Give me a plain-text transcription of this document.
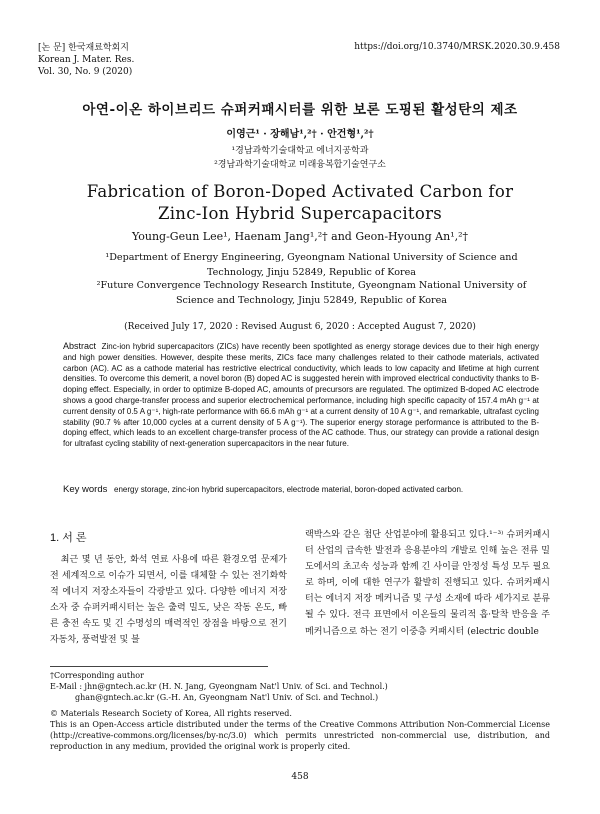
[논 문] 한국재료학회지
Korean J. Mater. Res.
Vol. 30, No. 9 (2020)
https://doi.org/10.3740/MRSK.2020.30.9.458
아연-이온 하이브리드 슈퍼커패시터를 위한 보론 도핑된 활성탄의 제조
이영근¹ · 장해남¹,²† · 안건형¹,²†
¹경남과학기술대학교 에너지공학과
²경남과학기술대학교 미래융복합기술연구소
Fabrication of Boron-Doped Activated Carbon for
Zinc-Ion Hybrid Supercapacitors
Young-Geun Lee¹, Haenam Jang¹,²† and Geon-Hyoung An¹,²†
¹Department of Energy Engineering, Gyeongnam National University of Science and Technology, Jinju 52849, Republic of Korea
²Future Convergence Technology Research Institute, Gyeongnam National University of Science and Technology, Jinju 52849, Republic of Korea
(Received July 17, 2020 : Revised August 6, 2020 : Accepted August 7, 2020)
Abstract Zinc-ion hybrid supercapacitors (ZICs) have recently been spotlighted as energy storage devices due to their high energy and high power densities. However, despite these merits, ZICs face many challenges related to their cathode materials, activated carbon (AC). AC as a cathode material has restrictive electrical conductivity, which leads to low capacity and lifetime at high current densities. To overcome this demerit, a novel boron (B) doped AC is suggested herein with improved electrical conductivity thanks to B-doping effect. Especially, in order to optimize B-doped AC, amounts of precursors are regulated. The optimized B-doped AC electrode shows a good charge-transfer process and superior electrochemical performance, including high specific capacity of 157.4 mAh g⁻¹ at current density of 0.5 A g⁻¹, high-rate performance with 66.6 mAh g⁻¹ at a current density of 10 A g⁻¹, and remarkable, ultrafast cycling stability (90.7 % after 10,000 cycles at a current density of 5 A g⁻¹). The superior energy storage performance is attributed to the B-doping effect, which leads to an excellent charge-transfer process of the AC cathode. Thus, our strategy can provide a rational design for ultrafast cycling stability of next-generation supercapacitors in the near future.
Key words energy storage, zinc-ion hybrid supercapacitors, electrode material, boron-doped activated carbon.
1. 서 론

최근 몇 년 동안, 화석 연료 사용에 따른 환경오염 문제가 전 세계적으로 이슈가 되면서, 이를 대체할 수 있는 전기화학적 에너지 저장소자들이 각광받고 있다. 다양한 에너지 저장소자 중 슈퍼커패시터는 높은 출력 밀도, 낮은 작동 온도, 빠른 충전 속도 및 긴 수명성의 매력적인 장점을 바탕으로 전기자동차, 풍력발전 및 블

랙박스와 같은 첨단 산업분야에 활용되고 있다.¹⁻³⁾ 슈퍼커패시터 산업의 급속한 발전과 응용분야의 개발로 인해 높은 전류 밀도에서의 초고속 성능과 함께 긴 사이클 안정성 특성 모두 필요로 하며, 이에 대한 연구가 활발히 진행되고 있다. 슈퍼커패시터는 에너지 저장 메커니즘 및 구성 소재에 따라 세가지로 분류될 수 있다. 전극 표면에서 이온들의 물리적 흡·탈착 반응을 주 메커니즘으로 하는 전기 이중층 커패시터 (electric double

†Corresponding author
E-Mail : jhn@gntech.ac.kr (H. N. Jang, Gyeongnam Nat'l Univ. of Sci. and Technol.)
ghan@gntech.ac.kr (G.-H. An, Gyeongnam Nat'l Univ. of Sci. and Technol.)
© Materials Research Society of Korea, All rights reserved.
This is an Open-Access article distributed under the terms of the Creative Commons Attribution Non-Commercial License (http://creative-commons.org/licenses/by-nc/3.0) which permits unrestricted non-commercial use, distribution, and reproduction in any medium, provided the original work is properly cited.
458
